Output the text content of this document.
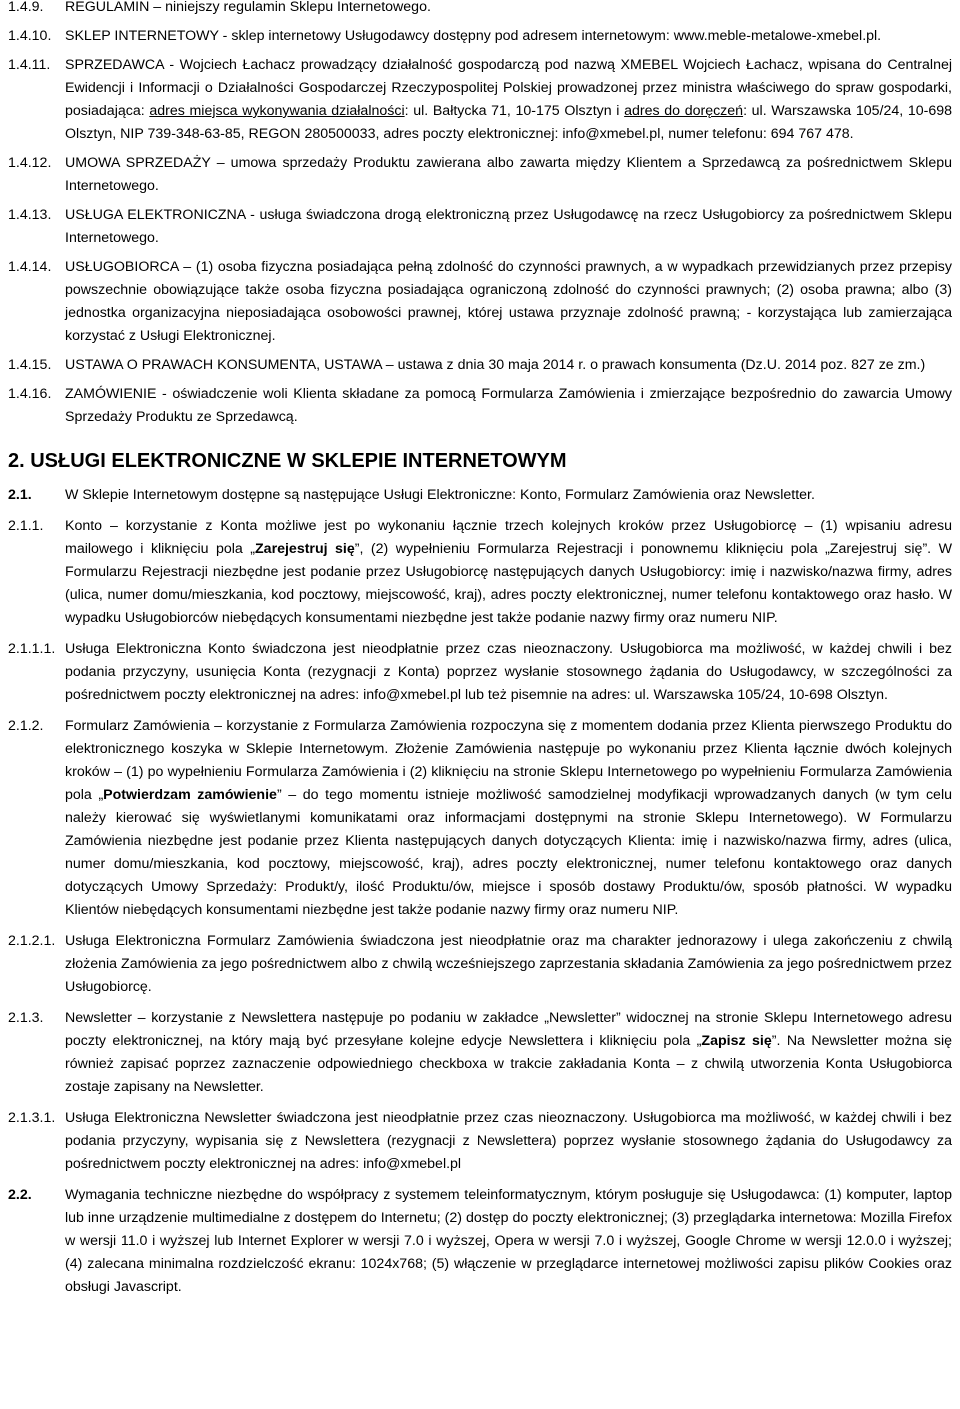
1.4.9.	REGULAMIN – niniejszy regulamin Sklepu Internetowego.
1.4.10. SKLEP INTERNETOWY - sklep internetowy Usługodawcy dostępny pod adresem internetowym: www.meble-metalowe-xmebel.pl.
1.4.11.	SPRZEDAWCA - Wojciech Łachacz prowadzący działalność gospodarczą pod nazwą XMEBEL Wojciech Łachacz, wpisana do Centralnej Ewidencji i Informacji o Działalności Gospodarczej Rzeczypospolitej Polskiej prowadzonej przez ministra właściwego do spraw gospodarki, posiadająca: adres miejsca wykonywania działalności: ul. Bałtycka 71, 10-175 Olsztyn i adres do doręczeń: ul. Warszawska 105/24, 10-698 Olsztyn, NIP 739-348-63-85, REGON 280500033, adres poczty elektronicznej: info@xmebel.pl, numer telefonu: 694 767 478.
1.4.12. UMOWA SPRZEDAŻY – umowa sprzedaży Produktu zawierana albo zawarta między Klientem a Sprzedawcą za pośrednictwem Sklepu Internetowego.
1.4.13. USŁUGA ELEKTRONICZNA - usługa świadczona drogą elektroniczną przez Usługodawcę na rzecz Usługobiorcy za pośrednictwem Sklepu Internetowego.
1.4.14. USŁUGOBIORCA – (1) osoba fizyczna posiadająca pełną zdolność do czynności prawnych, a w wypadkach przewidzianych przez przepisy powszechnie obowiązujące także osoba fizyczna posiadająca ograniczoną zdolność do czynności prawnych; (2) osoba prawna; albo (3) jednostka organizacyjna nieposiadająca osobowości prawnej, której ustawa przyznaje zdolność prawną; - korzystająca lub zamierzająca korzystać z Usługi Elektronicznej.
1.4.15. USTAWA O PRAWACH KONSUMENTA, USTAWA – ustawa z dnia 30 maja 2014 r. o prawach konsumenta (Dz.U. 2014 poz. 827 ze zm.)
1.4.16. ZAMÓWIENIE - oświadczenie woli Klienta składane za pomocą Formularza Zamówienia i zmierzające bezpośrednio do zawarcia Umowy Sprzedaży Produktu ze Sprzedawcą.
2. USŁUGI ELEKTRONICZNE W SKLEPIE INTERNETOWYM
2.1.	W Sklepie Internetowym dostępne są następujące Usługi Elektroniczne: Konto, Formularz Zamówienia oraz Newsletter.
2.1.1.	Konto – korzystanie z Konta możliwe jest po wykonaniu łącznie trzech kolejnych kroków przez Usługobiorcę – (1) wpisaniu adresu mailowego i kliknięciu pola „Zarejestruj się”, (2) wypełnieniu Formularza Rejestracji i ponownemu kliknięciu pola „Zarejestruj się”. W Formularzu Rejestracji niezbędne jest podanie przez Usługobiorcę następujących danych Usługobiorcy: imię i nazwisko/nazwa firmy, adres (ulica, numer domu/mieszkania, kod pocztowy, miejscowość, kraj), adres poczty elektronicznej, numer telefonu kontaktowego oraz hasło. W wypadku Usługobiorców niebędących konsumentami niezbędne jest także podanie nazwy firmy oraz numeru NIP.
2.1.1.1. Usługa Elektroniczna Konto świadczona jest nieodpłatnie przez czas nieoznaczony. Usługobiorca ma możliwość, w każdej chwili i bez podania przyczyny, usunięcia Konta (rezygnacji z Konta) poprzez wysłanie stosownego żądania do Usługodawcy, w szczególności za pośrednictwem poczty elektronicznej na adres: info@xmebel.pl lub też pisemnie na adres: ul. Warszawska 105/24, 10-698 Olsztyn.
2.1.2.	Formularz Zamówienia – korzystanie z Formularza Zamówienia rozpoczyna się z momentem dodania przez Klienta pierwszego Produktu do elektronicznego koszyka w Sklepie Internetowym. Złożenie Zamówienia następuje po wykonaniu przez Klienta łącznie dwóch kolejnych kroków – (1) po wypełnieniu Formularza Zamówienia i (2) kliknięciu na stronie Sklepu Internetowego po wypełnieniu Formularza Zamówienia pola „Potwierdzam zamówienie” – do tego momentu istnieje możliwość samodzielnej modyfikacji wprowadzanych danych (w tym celu należy kierować się wyświetlanymi komunikatami oraz informacjami dostępnymi na stronie Sklepu Internetowego). W Formularzu Zamówienia niezbędne jest podanie przez Klienta następujących danych dotyczących Klienta: imię i nazwisko/nazwa firmy, adres (ulica, numer domu/mieszkania, kod pocztowy, miejscowość, kraj), adres poczty elektronicznej, numer telefonu kontaktowego oraz danych dotyczących Umowy Sprzedaży: Produkt/y, ilość Produktu/ów, miejsce i sposób dostawy Produktu/ów, sposób płatności. W wypadku Klientów niebędących konsumentami niezbędne jest także podanie nazwy firmy oraz numeru NIP.
2.1.2.1. Usługa Elektroniczna Formularz Zamówienia świadczona jest nieodpłatnie oraz ma charakter jednorazowy i ulega zakończeniu z chwilą złożenia Zamówienia za jego pośrednictwem albo z chwilą wcześniejszego zaprzestania składania Zamówienia za jego pośrednictwem przez Usługobiorcę.
2.1.3.	Newsletter – korzystanie z Newslettera następuje po podaniu w zakładce „Newsletter” widocznej na stronie Sklepu Internetowego adresu poczty elektronicznej, na który mają być przesyłane kolejne edycje Newslettera i kliknięciu pola „Zapisz się”. Na Newsletter można się również zapisać poprzez zaznaczenie odpowiedniego checkboxa w trakcie zakładania Konta – z chwilą utworzenia Konta Usługobiorca zostaje zapisany na Newsletter.
2.1.3.1. Usługa Elektroniczna Newsletter świadczona jest nieodpłatnie przez czas nieoznaczony. Usługobiorca ma możliwość, w każdej chwili i bez podania przyczyny, wypisania się z Newslettera (rezygnacji z Newslettera) poprzez wysłanie stosownego żądania do Usługodawcy za pośrednictwem poczty elektronicznej na adres: info@xmebel.pl
2.2.	Wymagania techniczne niezbędne do współpracy z systemem teleinformatycznym, którym posługuje się Usługodawca: (1) komputer, laptop lub inne urządzenie multimedialne z dostępem do Internetu; (2) dostęp do poczty elektronicznej; (3) przeglądarka internetowa: Mozilla Firefox w wersji 11.0 i wyższej lub Internet Explorer w wersji 7.0 i wyższej, Opera w wersji 7.0 i wyższej, Google Chrome w wersji 12.0.0 i wyższej; (4) zalecana minimalna rozdzielczość ekranu: 1024x768; (5) włączenie w przeglądarce internetowej możliwości zapisu plików Cookies oraz obsługi Javascript.
